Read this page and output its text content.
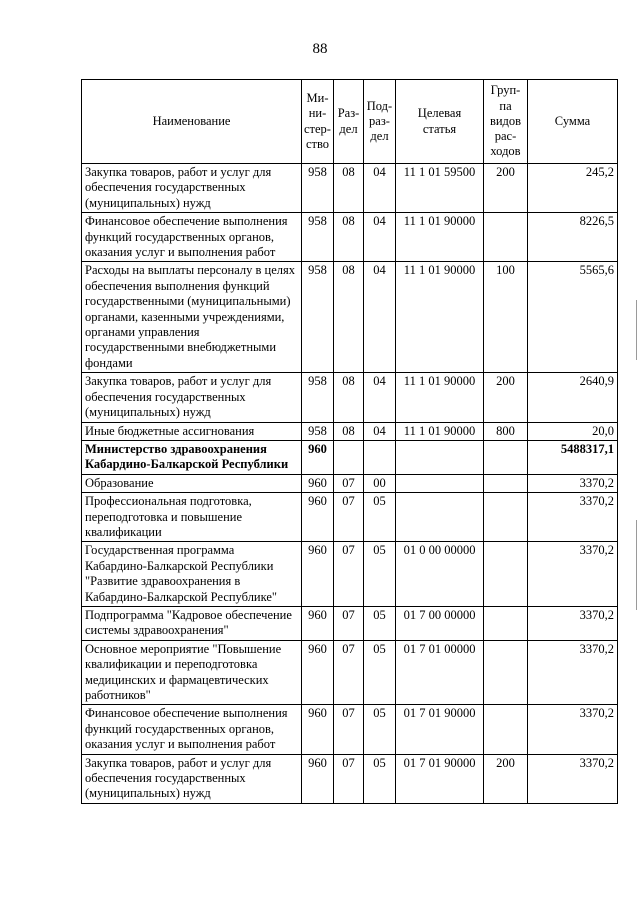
88
Наименование	Ми-
ни-
стер-
ство	Раз-
дел	Под-
раз-
дел	Целевая
статья	Груп-
па
видов
рас-
ходов	Сумма
Закупка товаров, работ и услуг для обеспечения государственных (муниципальных) нужд	958	08	04	11 1 01 59500	200	245,2
Финансовое обеспечение выполнения функций государственных органов, оказания услуг и выполнения работ	958	08	04	11 1 01 90000		8226,5
Расходы на выплаты персоналу в целях обеспечения выполнения функций государственными (муниципальными) органами, казенными учреждениями, органами управления государственными внебюджетными фондами	958	08	04	11 1 01 90000	100	5565,6
Закупка товаров, работ и услуг для обеспечения государственных (муниципальных) нужд	958	08	04	11 1 01 90000	200	2640,9
Иные бюджетные ассигнования	958	08	04	11 1 01 90000	800	20,0
Министерство здравоохранения Кабардино-Балкарской Республики	960					5488317,1
Образование	960	07	00			3370,2
Профессиональная подготовка, переподготовка и повышение квалификации	960	07	05			3370,2
Государственная программа Кабардино-Балкарской Республики "Развитие здравоохранения в Кабардино-Балкарской Республике"	960	07	05	01 0 00 00000		3370,2
Подпрограмма "Кадровое обеспечение системы здравоохранения"	960	07	05	01 7 00 00000		3370,2
Основное мероприятие "Повышение квалификации и переподготовка медицинских и фармацевтических работников"	960	07	05	01 7 01 00000		3370,2
Финансовое обеспечение выполнения функций государственных органов, оказания услуг и выполнения работ	960	07	05	01 7 01 90000		3370,2
Закупка товаров, работ и услуг для обеспечения государственных (муниципальных) нужд	960	07	05	01 7 01 90000	200	3370,2
